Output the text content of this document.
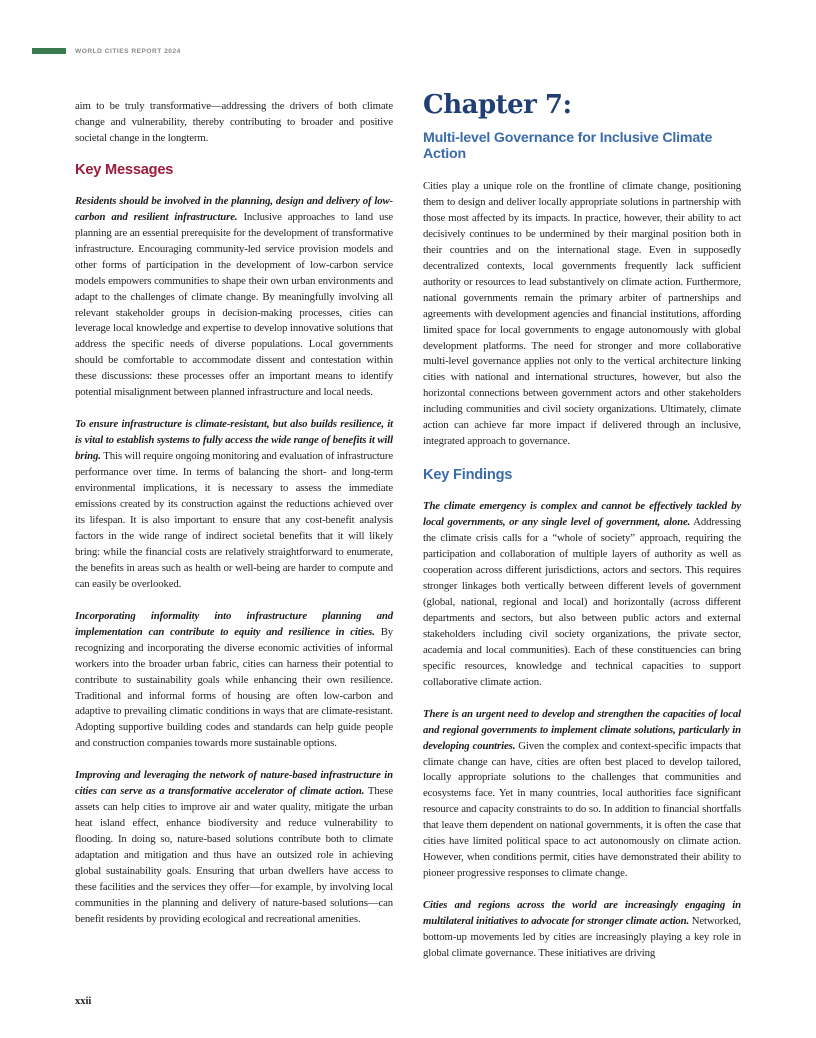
WORLD CITIES REPORT 2024

aim to be truly transformative—addressing the drivers of both climate change and vulnerability, thereby contributing to broader and positive societal change in the longterm.

Key Messages

Residents should be involved in the planning, design and delivery of low-carbon and resilient infrastructure. Inclusive approaches to land use planning are an essential prerequisite for the development of transformative infrastructure. Encouraging community-led service provision models and other forms of participation in the development of low-carbon service models empowers communities to shape their own urban environments and adapt to the challenges of climate change. By meaningfully involving all relevant stakeholder groups in decision-making processes, cities can leverage local knowledge and expertise to develop innovative solutions that address the specific needs of diverse populations. Local governments should be comfortable to accommodate dissent and contestation within these discussions: these processes offer an important means to identify potential misalignment between planned infrastructure and local needs.

To ensure infrastructure is climate-resistant, but also builds resilience, it is vital to establish systems to fully access the wide range of benefits it will bring. This will require ongoing monitoring and evaluation of infrastructure performance over time. In terms of balancing the short- and long-term environmental implications, it is necessary to assess the immediate emissions created by its construction against the reductions achieved over its lifespan. It is also important to ensure that any cost-benefit analysis factors in the wide range of indirect societal benefits that it will likely bring: while the financial costs are relatively straightforward to enumerate, the benefits in areas such as health or well-being are harder to compute and can easily be overlooked.

Incorporating informality into infrastructure planning and implementation can contribute to equity and resilience in cities. By recognizing and incorporating the diverse economic activities of informal workers into the broader urban fabric, cities can harness their potential to contribute to sustainability goals while enhancing their own resilience. Traditional and informal forms of housing are often low-carbon and adaptive to prevailing climatic conditions in ways that are climate-resistant. Adopting supportive building codes and standards can help guide people and construction companies towards more sustainable options.

Improving and leveraging the network of nature-based infrastructure in cities can serve as a transformative accelerator of climate action. These assets can help cities to improve air and water quality, mitigate the urban heat island effect, enhance biodiversity and reduce vulnerability to flooding. In doing so, nature-based solutions contribute both to climate adaptation and mitigation and thus have an outsized role in achieving global sustainability goals. Ensuring that urban dwellers have access to these facilities and the services they offer—for example, by involving local communities in the planning and delivery of nature-based solutions—can benefit residents by providing ecological and recreational amenities.

Chapter 7:
Multi-level Governance for Inclusive Climate Action

Cities play a unique role on the frontline of climate change, positioning them to design and deliver locally appropriate solutions in partnership with those most affected by its impacts. In practice, however, their ability to act decisively continues to be undermined by their marginal position both in their countries and on the international stage. Even in supposedly decentralized contexts, local governments frequently lack sufficient authority or resources to lead substantively on climate action. Furthermore, national governments remain the primary arbiter of partnerships and agreements with development agencies and financial institutions, affording limited space for local governments to engage autonomously with global development platforms. The need for stronger and more collaborative multi-level governance applies not only to the vertical architecture linking cities with national and international structures, however, but also the horizontal connections between government actors and other stakeholders including communities and civil society organizations. Ultimately, climate action can achieve far more impact if delivered through an inclusive, integrated approach to governance.

Key Findings

The climate emergency is complex and cannot be effectively tackled by local governments, or any single level of government, alone. Addressing the climate crisis calls for a “whole of society” approach, requiring the participation and collaboration of multiple layers of authority as well as cooperation across different jurisdictions, actors and sectors. This requires stronger linkages both vertically between different levels of government (global, national, regional and local) and horizontally (across different departments and sectors, but also between public actors and external stakeholders including civil society organizations, the private sector, academia and local communities). Each of these constituencies can bring specific resources, knowledge and technical capacities to support collaborative climate action.

There is an urgent need to develop and strengthen the capacities of local and regional governments to implement climate solutions, particularly in developing countries. Given the complex and context-specific impacts that climate change can have, cities are often best placed to develop tailored, locally appropriate solutions to the challenges that communities and ecosystems face. Yet in many countries, local authorities face significant resource and capacity constraints to do so. In addition to financial shortfalls that leave them dependent on national governments, it is often the case that cities have limited political space to act autonomously on climate action. However, when conditions permit, cities have demonstrated their ability to pioneer progressive responses to climate change.

Cities and regions across the world are increasingly engaging in multilateral initiatives to advocate for stronger climate action. Networked, bottom-up movements led by cities are increasingly playing a key role in global climate governance. These initiatives are driving

xxii
